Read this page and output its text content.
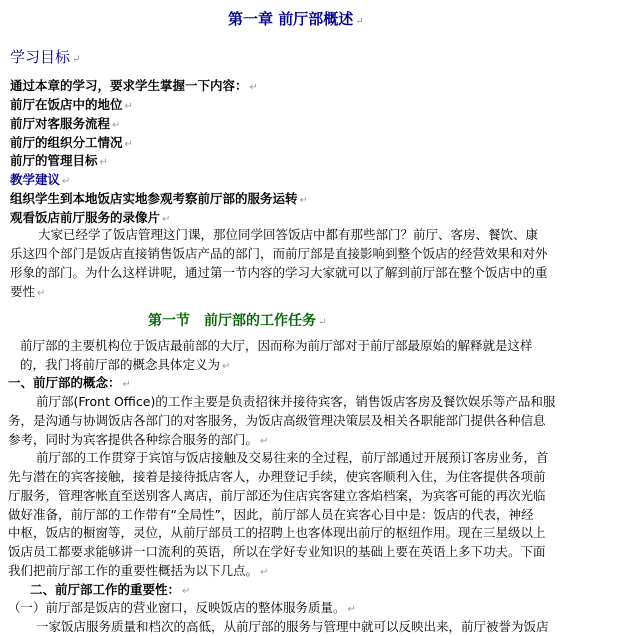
第一章 前厅部概述 ↵
学习目标 ↵
通过本章的学习，要求学生掌握一下内容： ↵
前厅在饭店中的地位 ↵
前厅对客服务流程 ↵
前厅的组织分工情况 ↵
前厅的管理目标 ↵
教学建议 ↵
组织学生到本地饭店实地参观考察前厅部的服务运转 ↵
观看饭店前厅服务的录像片 ↵
大家已经学了饭店管理这门课，那位同学回答饭店中都有那些部门？前厅、客房、餐饮、康
乐这四个部门是饭店直接销售饭店产品的部门，而前厅部是直接影响到整个饭店的经营效果和对外
形象的部门。为什么这样讲呢，通过第一节内容的学习大家就可以了解到前厅部在整个饭店中的重
要性 ↵
第一节　前厅部的工作任务 ↵
前厅部的主要机构位于饭店最前部的大厅，因而称为前厅部对于前厅部最原始的解释就是这样
的，我门将前厅部的概念具体定义为 ↵
一、前厅部的概念： ↵
前厅部(Front Office)的工作主要是负责招徕并接待宾客，销售饭店客房及餐饮娱乐等产品和服
务，是沟通与协调饭店各部门的对客服务，为饭店高级管理决策层及相关各职能部门提供各种信息
参考，同时为宾客提供各种综合服务的部门。 ↵
前厅部的工作贯穿于宾馆与饭店接触及交易往来的全过程，前厅部通过开展预订客房业务，首
先与潜在的宾客接触，接着是接待抵店客人，办理登记手续，使宾客顺利入住，为住客提供各项前
厅服务，管理客帐直至送别客人离店，前厅部还为住店宾客建立客焰档案，为宾客可能的再次光临
做好准备，前厅部的工作带有“全局性”，因此，前厅部人员在宾客心目中是：饭店的代表，神经
中枢，饭店的橱窗等，灵位，从前厅部员工的招聘上也客体现出前厅的枢纽作用。现在三星级以上
饭店员工都要求能够讲一口流利的英语，所以在学好专业知识的基础上要在英语上多下功夫。下面
我们把前厅部工作的重要性概括为以下几点。 ↵
二、前厅部工作的重要性： ↵
（一）前厅部是饭店的营业窗口，反映饭店的整体服务质量。 ↵
一家饭店服务质量和档次的高低，从前厅部的服务与管理中就可以反映出来，前厅被誉为饭店
